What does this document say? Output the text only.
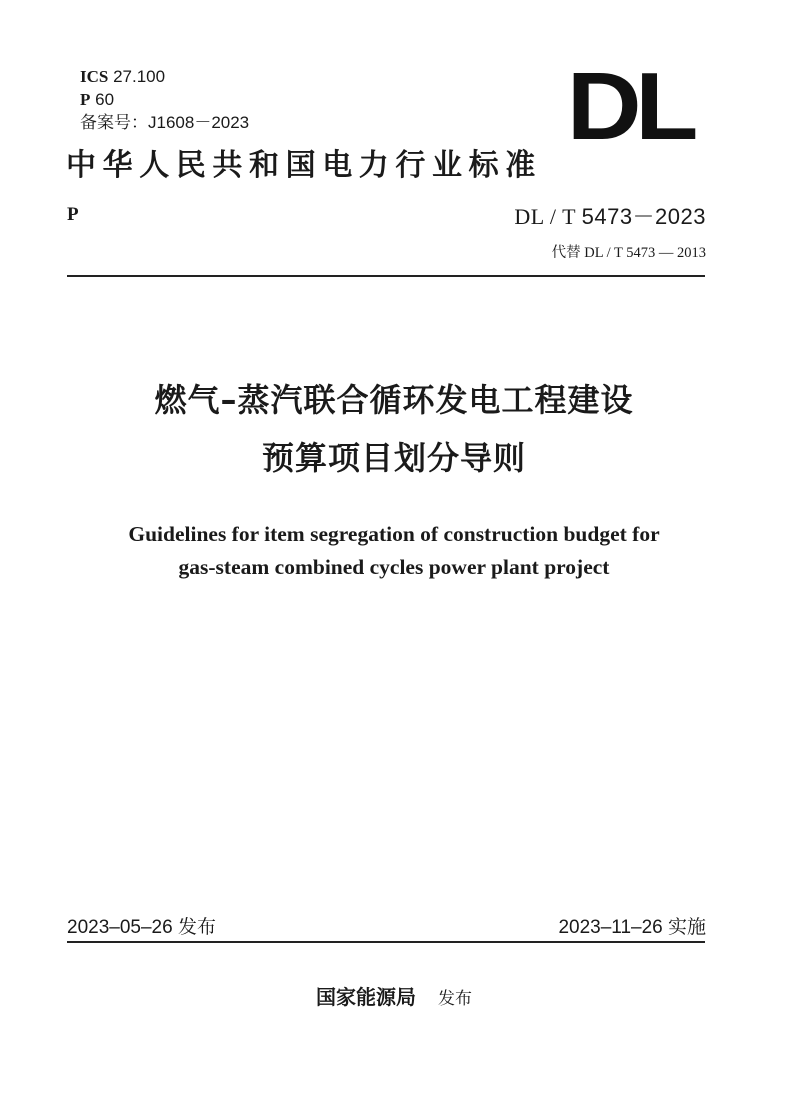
ICS 27.100
P 60
备案号：J1608－2023	DL
中华人民共和国电力行业标准
P	DL / T 5473－2023
代替 DL / T 5473 — 2013
燃气–蒸汽联合循环发电工程建设
预算项目划分导则
Guidelines for item segregation of construction budget for
gas-steam combined cycles power plant project
2023–05–26 发布	2023–11–26 实施
国家能源局 发布
